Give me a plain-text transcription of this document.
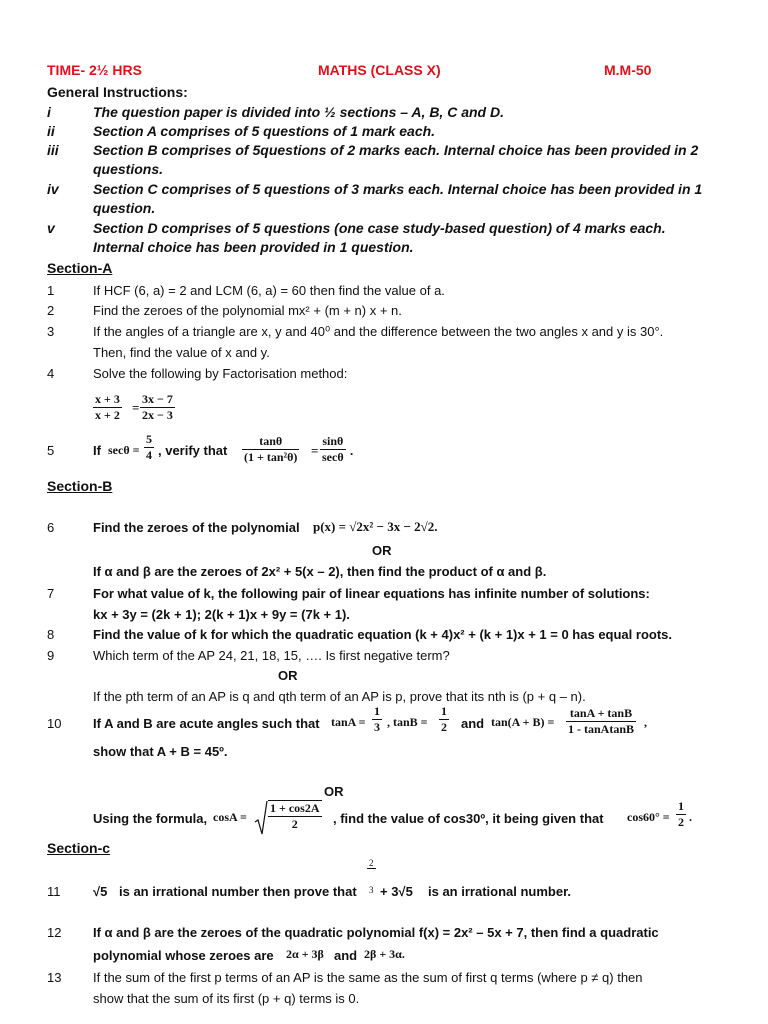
TIME- 2½ HRS	MATHS (CLASS X)	M.M-50
General Instructions:
i	The question paper is divided into ½ sections – A, B, C and D.
ii	Section A comprises of 5 questions of 1 mark each.
iii Section B comprises of 5questions of 2 marks each. Internal choice has been provided in 2
questions.
iv Section C comprises of 5 questions of 3 marks each. Internal choice has been provided in 1
question.
v	Section D comprises of 5 questions (one case study-based question) of 4 marks each.
Internal choice has been provided in 1 question.
Section-A
1	If HCF (6, a) = 2 and LCM (6, a) = 60 then find the value of a.
2	Find the zeroes of the polynomial mx² + (m + n) x + n.
3	If the angles of a triangle are x, y and 40⁰ and the difference between the two angles x and y is 30°.
Then, find the value of x and y.
4	Solve the following by Factorisation method:
$\frac{x + 3}{x + 2} = \frac{3x - 7}{2x - 3}$
5	If $\sec\theta = \frac{5}{4}$ , verify that $\frac{\tan\theta}{\text{(1 + tan²θ)}}$ =
sinθ
secθ .
Section-B
6	Find the zeroes of the polynomial p(x) = √2x² − 3x − 2√2.
OR
If α and β are the zeroes of 2x² + 5(x – 2), then find the product of α and β.
7	For what value of k, the following pair of linear equations has infinite number of solutions:
kx + 3y = (2k + 1); 2(k + 1)x + 9y = (7k + 1).
8	Find the value of k for which the quadratic equation (k + 4)x² + (k + 1)x + 1 = 0 has equal roots.
9	Which term of the AP 24, 21, 18, 15, …. Is first negative term?
OR
If the pth term of an AP is q and qth term of an AP is p, prove that its nth is (p + q – n).
10 If A and B are acute angles such that $\tan A = \frac{1}{3}$ , $\tan B = \frac{1}{2}$ and $\tan(A + B) = \frac{\tan A + \tan B}{\text{1 - tanAtanB}}$ ,
show that A + B = 45º.
OR
Using the formula, $\cos A = \frac{1 + \cos 2A}{2}$ , find the value of cos30º, it being given that $\cos 60^\circ = \frac{1}{2}$ .
Section-c
11	√5 is an irrational number then prove that $\frac{2}{3} + 3√5$ is an irrational number.
12 If α and β are the zeroes of the quadratic polynomial f(x) = 2x² – 5x + 7, then find a quadratic
polynomial whose zeroes are 2α + 3β and 2β + 3α.
13 If the sum of the first p terms of an AP is the same as the sum of first q terms (where p ≠ q) then
show that the sum of its first (p + q) terms is 0.
